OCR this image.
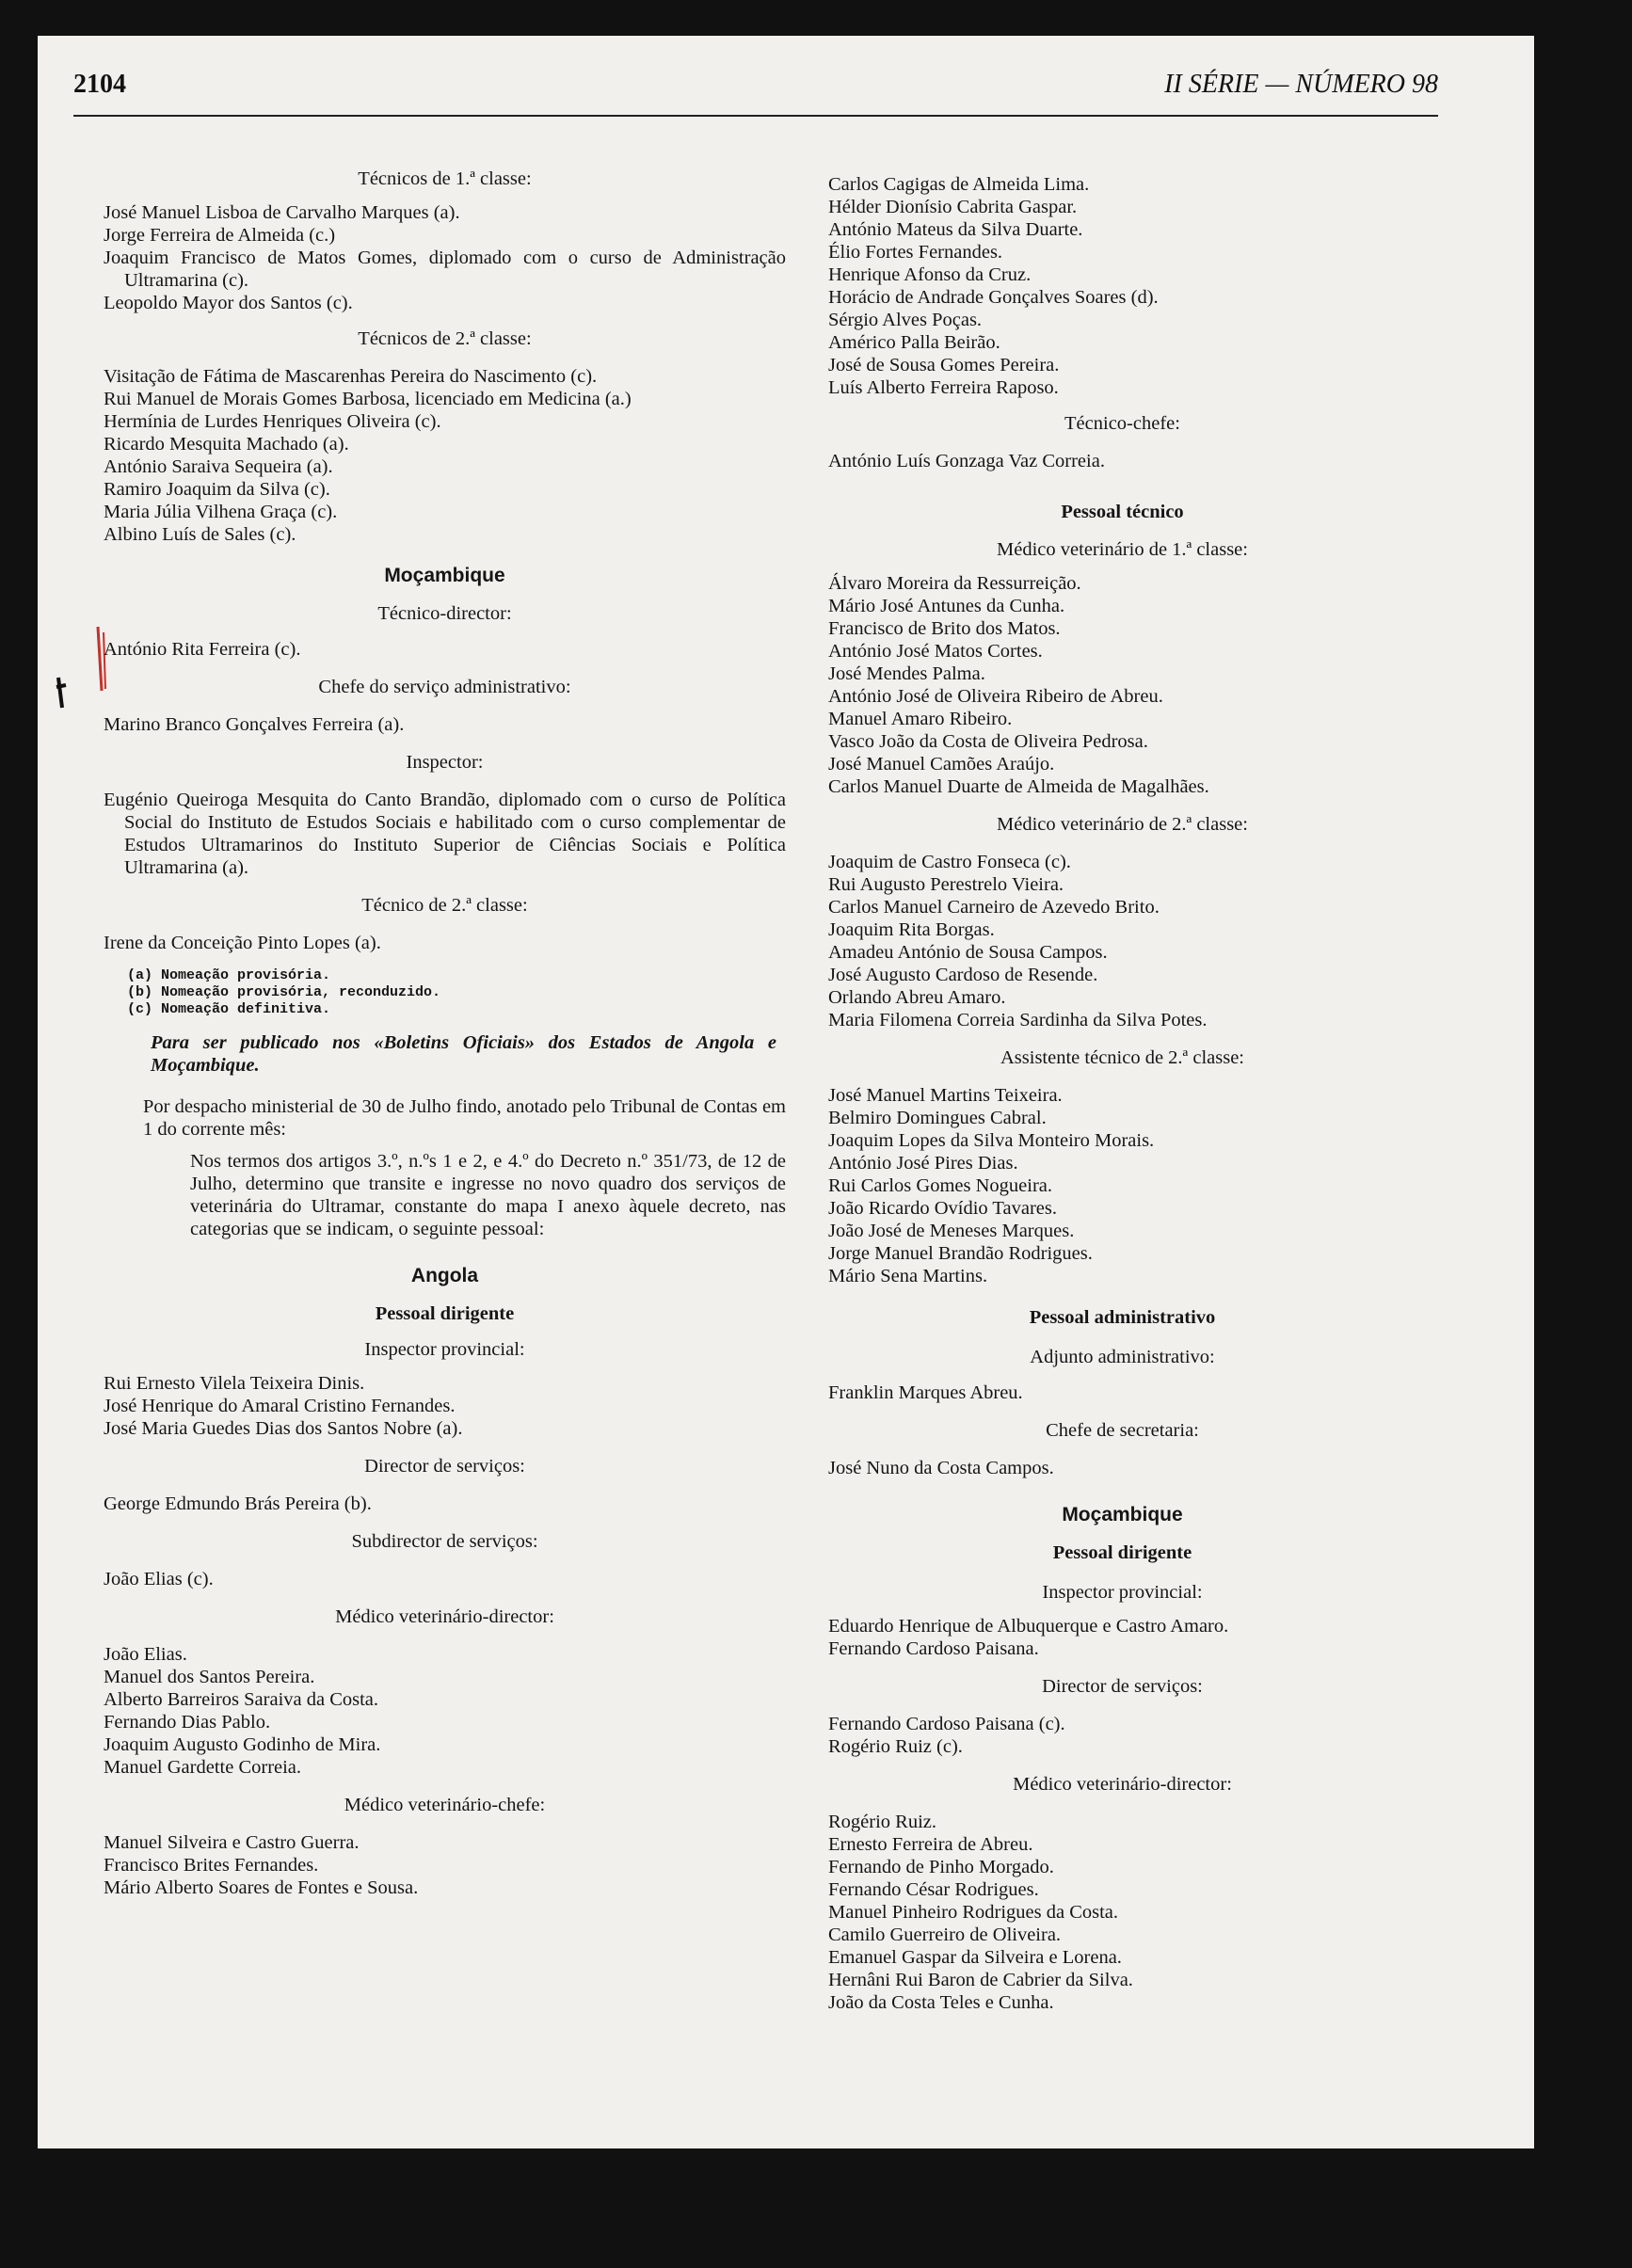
2104	II SÉRIE — NÚMERO 98
Técnicos de 1.ª classe:
José Manuel Lisboa de Carvalho Marques (a).
Jorge Ferreira de Almeida (c.)
Joaquim Francisco de Matos Gomes, diplomado com o curso de Administração Ultramarina (c).
Leopoldo Mayor dos Santos (c).
Técnicos de 2.ª classe:
Visitação de Fátima de Mascarenhas Pereira do Nascimento (c).
Rui Manuel de Morais Gomes Barbosa, licenciado em Medicina (a.)
Hermínia de Lurdes Henriques Oliveira (c).
Ricardo Mesquita Machado (a).
António Saraiva Sequeira (a).
Ramiro Joaquim da Silva (c).
Maria Júlia Vilhena Graça (c).
Albino Luís de Sales (c).
Moçambique
Técnico-director:
António Rita Ferreira (c).
Chefe do serviço administrativo:
Marino Branco Gonçalves Ferreira (a).
Inspector:
Eugénio Queiroga Mesquita do Canto Brandão, diplomado com o curso de Política Social do Instituto de Estudos Sociais e habilitado com o curso complementar de Estudos Ultramarinos do Instituto Superior de Ciências Sociais e Política Ultramarina (a).
Técnico de 2.ª classe:
Irene da Conceição Pinto Lopes (a).
(a) Nomeação provisória.
(b) Nomeação provisória, reconduzido.
(c) Nomeação definitiva.
Para ser publicado nos «Boletins Oficiais» dos Estados de Angola e Moçambique.
Por despacho ministerial de 30 de Julho findo, anotado pelo Tribunal de Contas em 1 do corrente mês:
Nos termos dos artigos 3.º, n.ºs 1 e 2, e 4.º do Decreto n.º 351/73, de 12 de Julho, determino que transite e ingresse no novo quadro dos serviços de veterinária do Ultramar, constante do mapa I anexo àquele decreto, nas categorias que se indicam, o seguinte pessoal:
Angola
Pessoal dirigente
Inspector provincial:
Rui Ernesto Vilela Teixeira Dinis.
José Henrique do Amaral Cristino Fernandes.
José Maria Guedes Dias dos Santos Nobre (a).
Director de serviços:
George Edmundo Brás Pereira (b).
Subdirector de serviços:
João Elias (c).
Médico veterinário-director:
João Elias.
Manuel dos Santos Pereira.
Alberto Barreiros Saraiva da Costa.
Fernando Dias Pablo.
Joaquim Augusto Godinho de Mira.
Manuel Gardette Correia.
Médico veterinário-chefe:
Manuel Silveira e Castro Guerra.
Francisco Brites Fernandes.
Mário Alberto Soares de Fontes e Sousa.
Carlos Cagigas de Almeida Lima.
Hélder Dionísio Cabrita Gaspar.
António Mateus da Silva Duarte.
Élio Fortes Fernandes.
Henrique Afonso da Cruz.
Horácio de Andrade Gonçalves Soares (d).
Sérgio Alves Poças.
Américo Palla Beirão.
José de Sousa Gomes Pereira.
Luís Alberto Ferreira Raposo.
Técnico-chefe:
António Luís Gonzaga Vaz Correia.
Pessoal técnico
Médico veterinário de 1.ª classe:
Álvaro Moreira da Ressurreição.
Mário José Antunes da Cunha.
Francisco de Brito dos Matos.
António José Matos Cortes.
José Mendes Palma.
António José de Oliveira Ribeiro de Abreu.
Manuel Amaro Ribeiro.
Vasco João da Costa de Oliveira Pedrosa.
José Manuel Camões Araújo.
Carlos Manuel Duarte de Almeida de Magalhães.
Médico veterinário de 2.ª classe:
Joaquim de Castro Fonseca (c).
Rui Augusto Perestrelo Vieira.
Carlos Manuel Carneiro de Azevedo Brito.
Joaquim Rita Borgas.
Amadeu António de Sousa Campos.
José Augusto Cardoso de Resende.
Orlando Abreu Amaro.
Maria Filomena Correia Sardinha da Silva Potes.
Assistente técnico de 2.ª classe:
José Manuel Martins Teixeira.
Belmiro Domingues Cabral.
Joaquim Lopes da Silva Monteiro Morais.
António José Pires Dias.
Rui Carlos Gomes Nogueira.
João Ricardo Ovídio Tavares.
João José de Meneses Marques.
Jorge Manuel Brandão Rodrigues.
Mário Sena Martins.
Pessoal administrativo
Adjunto administrativo:
Franklin Marques Abreu.
Chefe de secretaria:
José Nuno da Costa Campos.
Moçambique
Pessoal dirigente
Inspector provincial:
Eduardo Henrique de Albuquerque e Castro Amaro.
Fernando Cardoso Paisana.
Director de serviços:
Fernando Cardoso Paisana (c).
Rogério Ruiz (c).
Médico veterinário-director:
Rogério Ruiz.
Ernesto Ferreira de Abreu.
Fernando de Pinho Morgado.
Fernando César Rodrigues.
Manuel Pinheiro Rodrigues da Costa.
Camilo Guerreiro de Oliveira.
Emanuel Gaspar da Silveira e Lorena.
Hernâni Rui Baron de Cabrier da Silva.
João da Costa Teles e Cunha.
